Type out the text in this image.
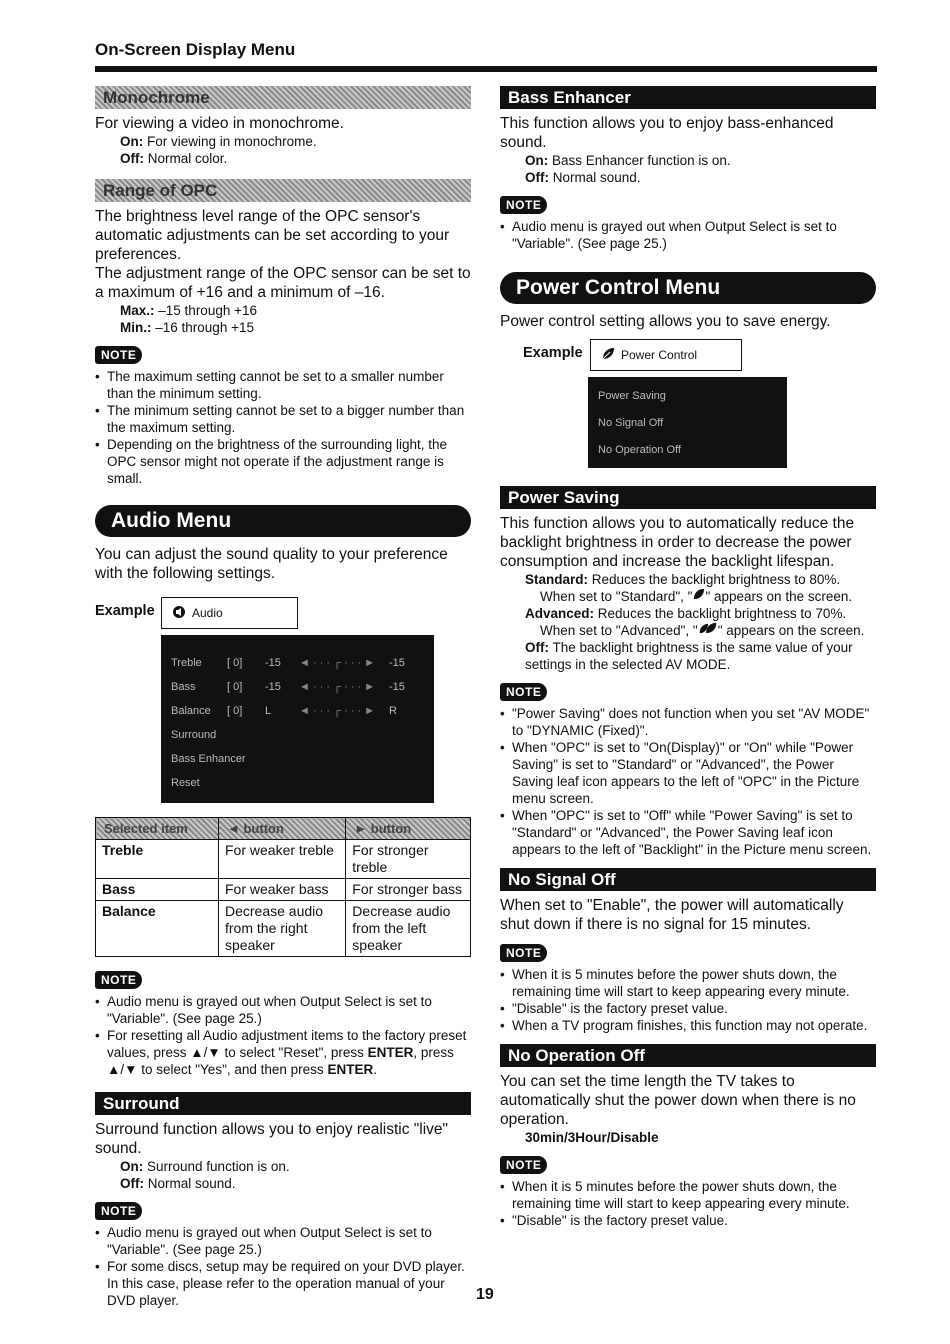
On-Screen Display Menu
Monochrome
For viewing a video in monochrome.
On: For viewing in monochrome.
Off: Normal color.
Range of OPC
The brightness level range of the OPC sensor's automatic adjustments can be set according to your preferences.
The adjustment range of the OPC sensor can be set to a maximum of +16 and a minimum of –16.
Max.: –15 through +16
Min.: –16 through +15
NOTE
• The maximum setting cannot be set to a smaller number than the minimum setting.
• The minimum setting cannot be set to a bigger number than the maximum setting.
• Depending on the brightness of the surrounding light, the OPC sensor might not operate if the adjustment range is small.
Audio Menu
You can adjust the sound quality to your preference with the following settings.
Example	Audio
Treble	[ 0]	-15	◄ · · · ┌ · · · ►	-15
Bass	[ 0]	-15	◄ · · · ┌ · · · ►	-15
Balance	[ 0]	L	◄ · · · ┌ · · · ►	R
Surround
Bass Enhancer
Reset
Selected item	◄ button	► button
Treble	For weaker treble	For stronger treble
Bass	For weaker bass	For stronger bass
Balance	Decrease audio from the right speaker	Decrease audio from the left speaker
NOTE
• Audio menu is grayed out when Output Select is set to "Variable". (See page 25.)
• For resetting all Audio adjustment items to the factory preset values, press ▲/▼ to select "Reset", press ENTER, press ▲/▼ to select "Yes", and then press ENTER.
Surround
Surround function allows you to enjoy realistic "live" sound.
On: Surround function is on.
Off: Normal sound.
NOTE
• Audio menu is grayed out when Output Select is set to "Variable". (See page 25.)
• For some discs, setup may be required on your DVD player. In this case, please refer to the operation manual of your DVD player.
Bass Enhancer
This function allows you to enjoy bass-enhanced sound.
On: Bass Enhancer function is on.
Off: Normal sound.
NOTE
• Audio menu is grayed out when Output Select is set to "Variable". (See page 25.)
Power Control Menu
Power control setting allows you to save energy.
Example	Power Control
Power Saving
No Signal Off
No Operation Off
Power Saving
This function allows you to automatically reduce the backlight brightness in order to decrease the power consumption and increase the backlight lifespan.
Standard: Reduces the backlight brightness to 80%.
When set to "Standard", " " appears on the screen.
Advanced: Reduces the backlight brightness to 70%.
When set to "Advanced", " " appears on the screen.
Off: The backlight brightness is the same value of your settings in the selected AV MODE.
NOTE
• "Power Saving" does not function when you set "AV MODE" to "DYNAMIC (Fixed)".
• When "OPC" is set to "On(Display)" or "On" while "Power Saving" is set to "Standard" or "Advanced", the Power Saving leaf icon appears to the left of "OPC" in the Picture menu screen.
• When "OPC" is set to "Off" while "Power Saving" is set to "Standard" or "Advanced", the Power Saving leaf icon appears to the left of "Backlight" in the Picture menu screen.
No Signal Off
When set to "Enable", the power will automatically shut down if there is no signal for 15 minutes.
NOTE
• When it is 5 minutes before the power shuts down, the remaining time will start to keep appearing every minute.
• "Disable" is the factory preset value.
• When a TV program finishes, this function may not operate.
No Operation Off
You can set the time length the TV takes to automatically shut the power down when there is no operation.
30min/3Hour/Disable
NOTE
• When it is 5 minutes before the power shuts down, the remaining time will start to keep appearing every minute.
• "Disable" is the factory preset value.
19
